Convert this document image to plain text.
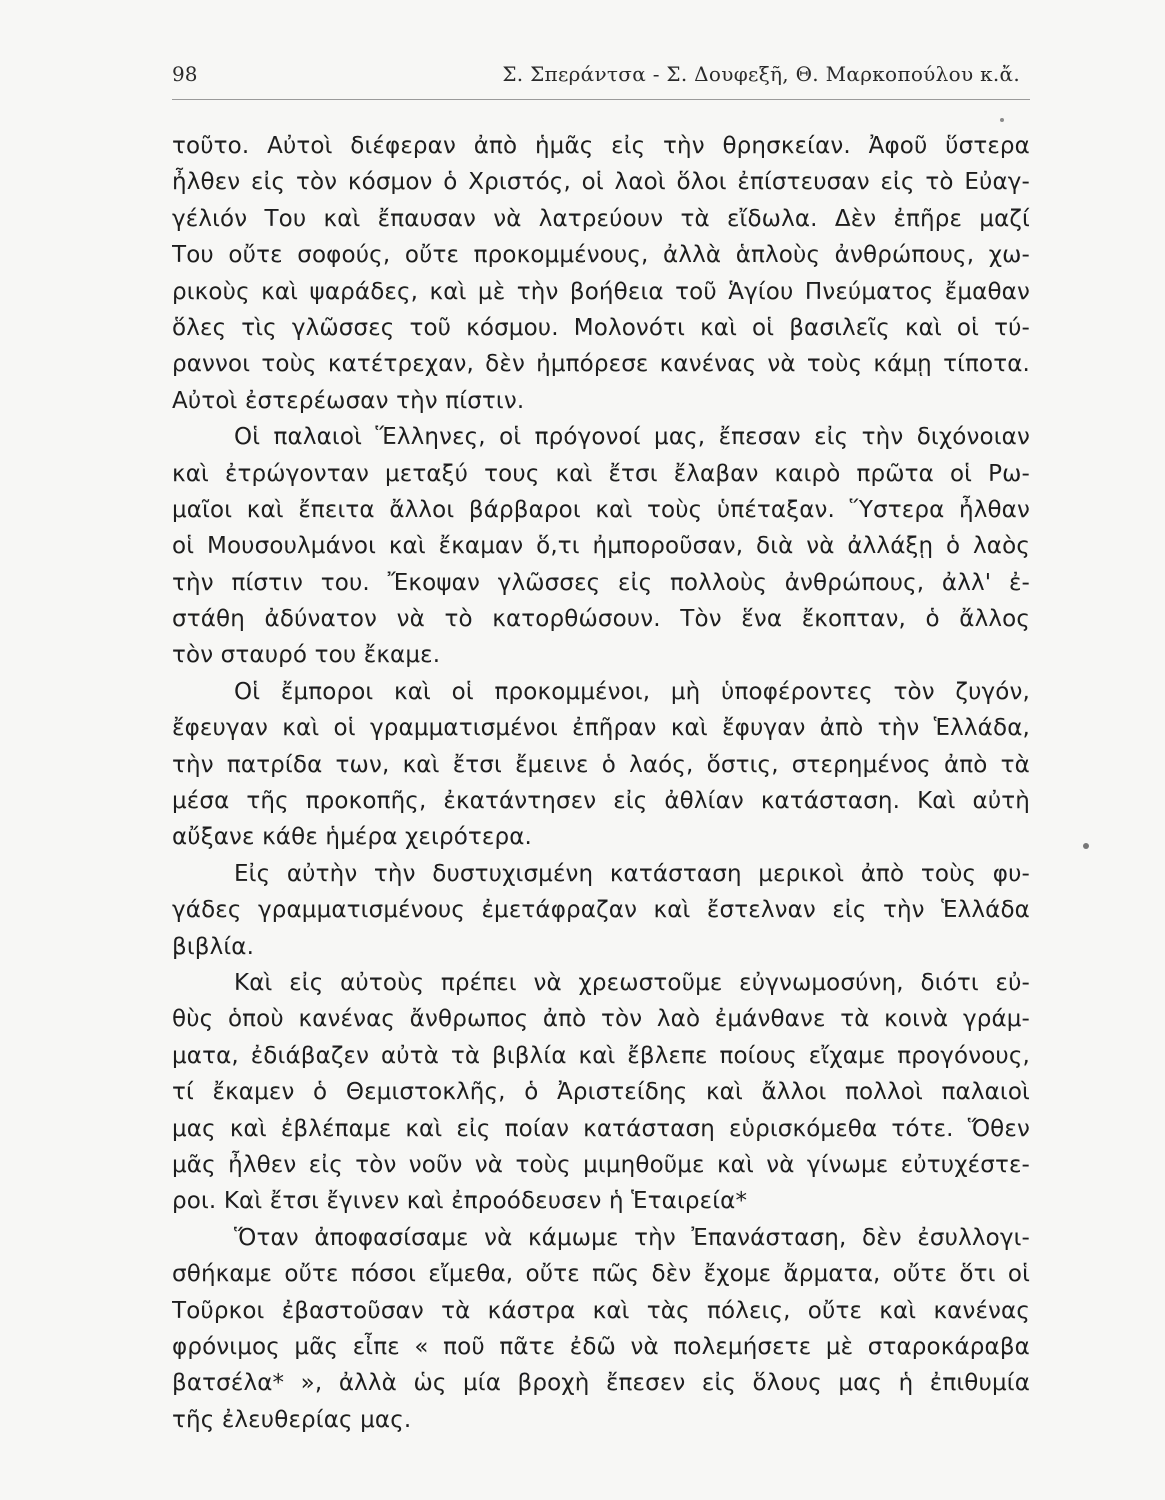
98	Σ. Σπεράντσα - Σ. Δουφεξῆ, Θ. Μαρκοπούλου κ.ἄ.
τοῦτο. Αὐτοὶ διέφεραν ἀπὸ ἡμᾶς εἰς τὴν θρησκείαν. Ἀφοῦ ὕστερα
ἦλθεν εἰς τὸν κόσμον ὁ Χριστός, οἱ λαοὶ ὅλοι ἐπίστευσαν εἰς τὸ Εὐαγ-
γέλιόν Του καὶ ἔπαυσαν νὰ λατρεύουν τὰ εἴδωλα. Δὲν ἐπῆρε μαζί
Του οὔτε σοφούς, οὔτε προκομμένους, ἀλλὰ ἁπλοὺς ἀνθρώπους, χω-
ρικοὺς καὶ ψαράδες, καὶ μὲ τὴν βοήθεια τοῦ Ἁγίου Πνεύματος ἔμαθαν
ὅλες τὶς γλῶσσες τοῦ κόσμου. Μολονότι καὶ οἱ βασιλεῖς καὶ οἱ τύ-
ραννοι τοὺς κατέτρεχαν, δὲν ἠμπόρεσε κανένας νὰ τοὺς κάμῃ τίποτα.
Αὐτοὶ ἐστερέωσαν τὴν πίστιν.
Οἱ παλαιοὶ Ἕλληνες, οἱ πρόγονοί μας, ἔπεσαν εἰς τὴν διχόνοιαν
καὶ ἐτρώγονταν μεταξύ τους καὶ ἔτσι ἔλαβαν καιρὸ πρῶτα οἱ Ρω-
μαῖοι καὶ ἔπειτα ἄλλοι βάρβαροι καὶ τοὺς ὑπέταξαν. Ὕστερα ἦλθαν
οἱ Μουσουλμάνοι καὶ ἔκαμαν ὅ,τι ἠμποροῦσαν, διὰ νὰ ἀλλάξῃ ὁ λαὸς
τὴν πίστιν του. Ἔκοψαν γλῶσσες εἰς πολλοὺς ἀνθρώπους, ἀλλ' ἐ-
στάθη ἀδύνατον νὰ τὸ κατορθώσουν. Τὸν ἕνα ἔκοπταν, ὁ ἄλλος
τὸν σταυρό του ἔκαμε.
Οἱ ἔμποροι καὶ οἱ προκομμένοι, μὴ ὑποφέροντες τὸν ζυγόν,
ἔφευγαν καὶ οἱ γραμματισμένοι ἐπῆραν καὶ ἔφυγαν ἀπὸ τὴν Ἑλλάδα,
τὴν πατρίδα των, καὶ ἔτσι ἔμεινε ὁ λαός, ὅστις, στερημένος ἀπὸ τὰ
μέσα τῆς προκοπῆς, ἐκατάντησεν εἰς ἀθλίαν κατάσταση. Καὶ αὐτὴ
αὔξανε κάθε ἡμέρα χειρότερα.
Εἰς αὐτὴν τὴν δυστυχισμένη κατάσταση μερικοὶ ἀπὸ τοὺς φυ-
γάδες γραμματισμένους ἐμετάφραζαν καὶ ἔστελναν εἰς τὴν Ἑλλάδα
βιβλία.
Καὶ εἰς αὐτοὺς πρέπει νὰ χρεωστοῦμε εὐγνωμοσύνη, διότι εὐ-
θὺς ὁποὺ κανένας ἄνθρωπος ἀπὸ τὸν λαὸ ἐμάνθανε τὰ κοινὰ γράμ-
ματα, ἐδιάβαζεν αὐτὰ τὰ βιβλία καὶ ἔβλεπε ποίους εἴχαμε προγόνους,
τί ἔκαμεν ὁ Θεμιστοκλῆς, ὁ Ἀριστείδης καὶ ἄλλοι πολλοὶ παλαιοὶ
μας καὶ ἐβλέπαμε καὶ εἰς ποίαν κατάσταση εὑρισκόμεθα τότε. Ὅθεν
μᾶς ἦλθεν εἰς τὸν νοῦν νὰ τοὺς μιμηθοῦμε καὶ νὰ γίνωμε εὐτυχέστε-
ροι. Καὶ ἔτσι ἔγινεν καὶ ἐπροόδευσεν ἡ Ἑταιρεία*
Ὅταν ἀποφασίσαμε νὰ κάμωμε τὴν Ἐπανάσταση, δὲν ἐσυλλογι-
σθήκαμε οὔτε πόσοι εἴμεθα, οὔτε πῶς δὲν ἔχομε ἄρματα, οὔτε ὅτι οἱ
Τοῦρκοι ἐβαστοῦσαν τὰ κάστρα καὶ τὰς πόλεις, οὔτε καὶ κανένας
φρόνιμος μᾶς εἶπε « ποῦ πᾶτε ἐδῶ νὰ πολεμήσετε μὲ σταροκάραβα
βατσέλα* », ἀλλὰ ὡς μία βροχὴ ἔπεσεν εἰς ὅλους μας ἡ ἐπιθυμία
τῆς ἐλευθερίας μας.
